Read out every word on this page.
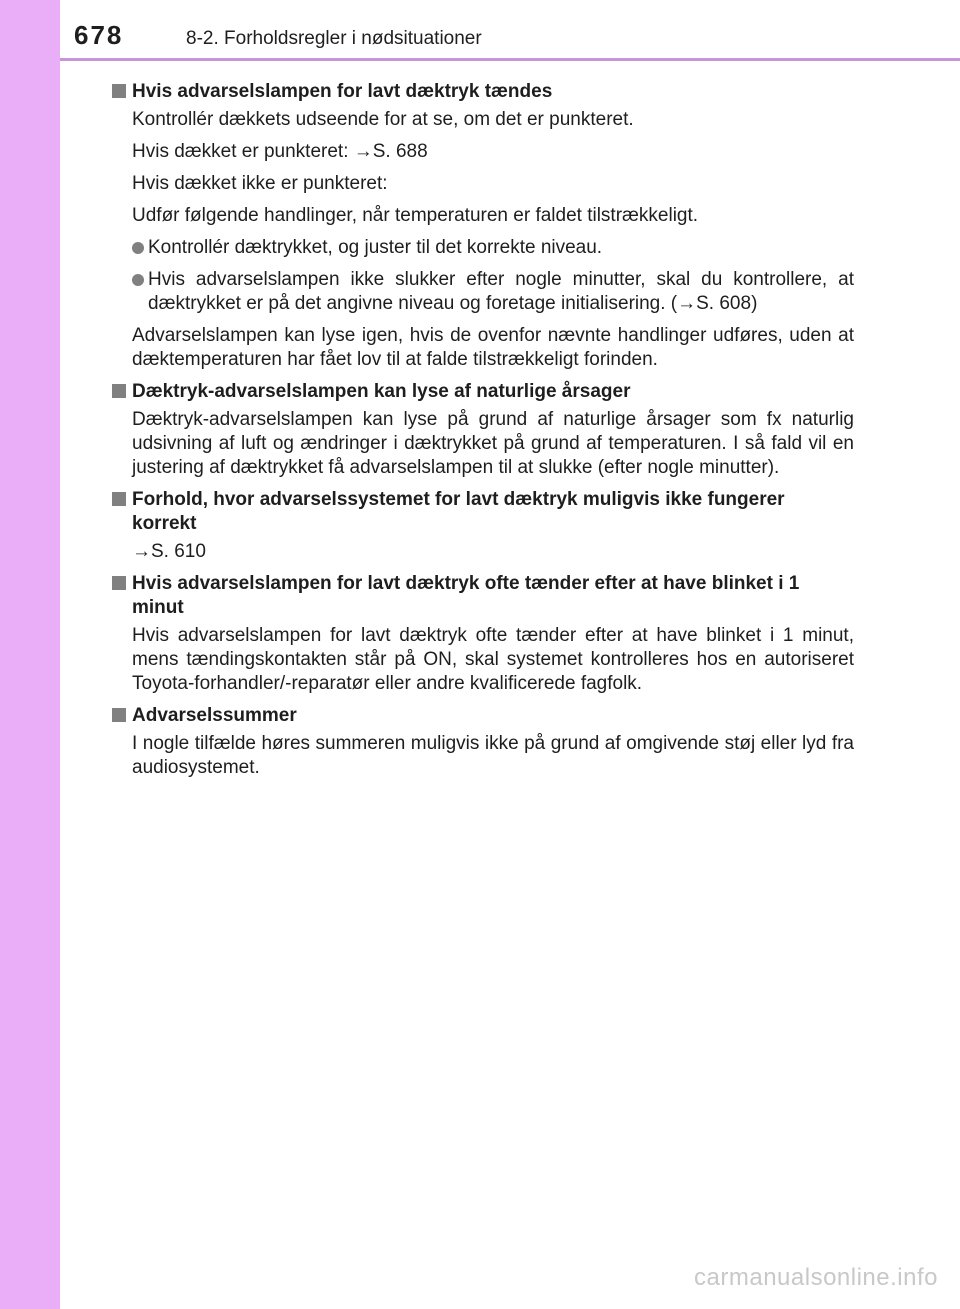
678	8-2. Forholdsregler i nødsituationer
Hvis advarselslampen for lavt dæktryk tændes
Kontrollér dækkets udseende for at se, om det er punkteret.
Hvis dækket er punkteret: →S. 688
Hvis dækket ikke er punkteret:
Udfør følgende handlinger, når temperaturen er faldet tilstrækkeligt.
Kontrollér dæktrykket, og juster til det korrekte niveau.
Hvis advarselslampen ikke slukker efter nogle minutter, skal du kontrollere, at dæktrykket er på det angivne niveau og foretage initialisering. (→S. 608)
Advarselslampen kan lyse igen, hvis de ovenfor nævnte handlinger udføres, uden at dæktemperaturen har fået lov til at falde tilstrækkeligt forinden.
Dæktryk-advarselslampen kan lyse af naturlige årsager
Dæktryk-advarselslampen kan lyse på grund af naturlige årsager som fx naturlig udsivning af luft og ændringer i dæktrykket på grund af temperaturen. I så fald vil en justering af dæktrykket få advarselslampen til at slukke (efter nogle minutter).
Forhold, hvor advarselssystemet for lavt dæktryk muligvis ikke fungerer korrekt
→S. 610
Hvis advarselslampen for lavt dæktryk ofte tænder efter at have blinket i 1 minut
Hvis advarselslampen for lavt dæktryk ofte tænder efter at have blinket i 1 minut, mens tændingskontakten står på ON, skal systemet kontrolleres hos en autoriseret Toyota-forhandler/-reparatør eller andre kvalificerede fagfolk.
Advarselssummer
I nogle tilfælde høres summeren muligvis ikke på grund af omgivende støj eller lyd fra audiosystemet.
carmanualsonline.info
